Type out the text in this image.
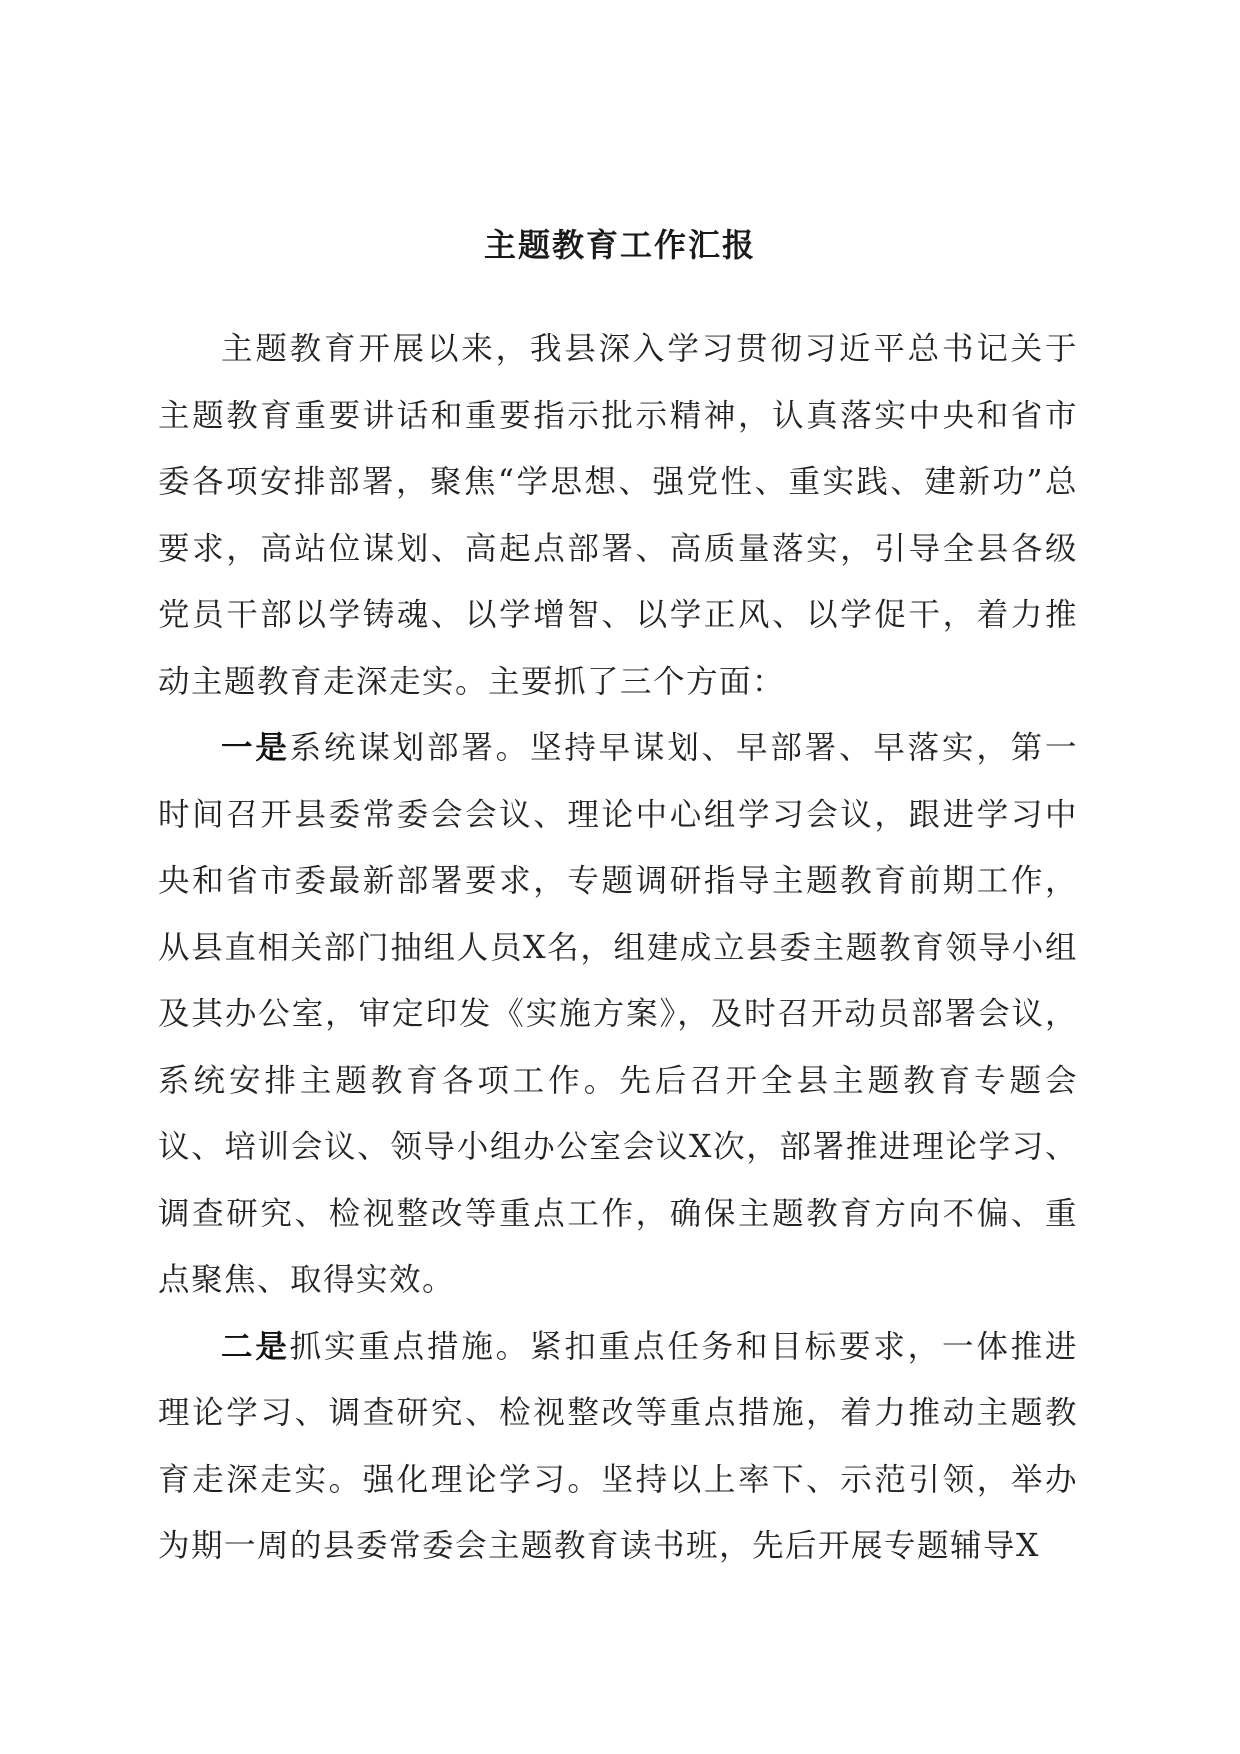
主题教育工作汇报

主题教育开展以来，我县深入学习贯彻习近平总书记关于主题教育重要讲话和重要指示批示精神，认真落实中央和省市委各项安排部署，聚焦“学思想、强党性、重实践、建新功”总要求，高站位谋划、高起点部署、高质量落实，引导全县各级党员干部以学铸魂、以学增智、以学正风、以学促干，着力推动主题教育走深走实。主要抓了三个方面：

一是系统谋划部署。坚持早谋划、早部署、早落实，第一时间召开县委常委会会议、理论中心组学习会议，跟进学习中央和省市委最新部署要求，专题调研指导主题教育前期工作，从县直相关部门抽组人员X名，组建成立县委主题教育领导小组及其办公室，审定印发《实施方案》，及时召开动员部署会议，系统安排主题教育各项工作。先后召开全县主题教育专题会议、培训会议、领导小组办公室会议X次，部署推进理论学习、调查研究、检视整改等重点工作，确保主题教育方向不偏、重点聚焦、取得实效。

二是抓实重点措施。紧扣重点任务和目标要求，一体推进理论学习、调查研究、检视整改等重点措施，着力推动主题教育走深走实。强化理论学习。坚持以上率下、示范引领，举办为期一周的县委常委会主题教育读书班，先后开展专题辅导X
